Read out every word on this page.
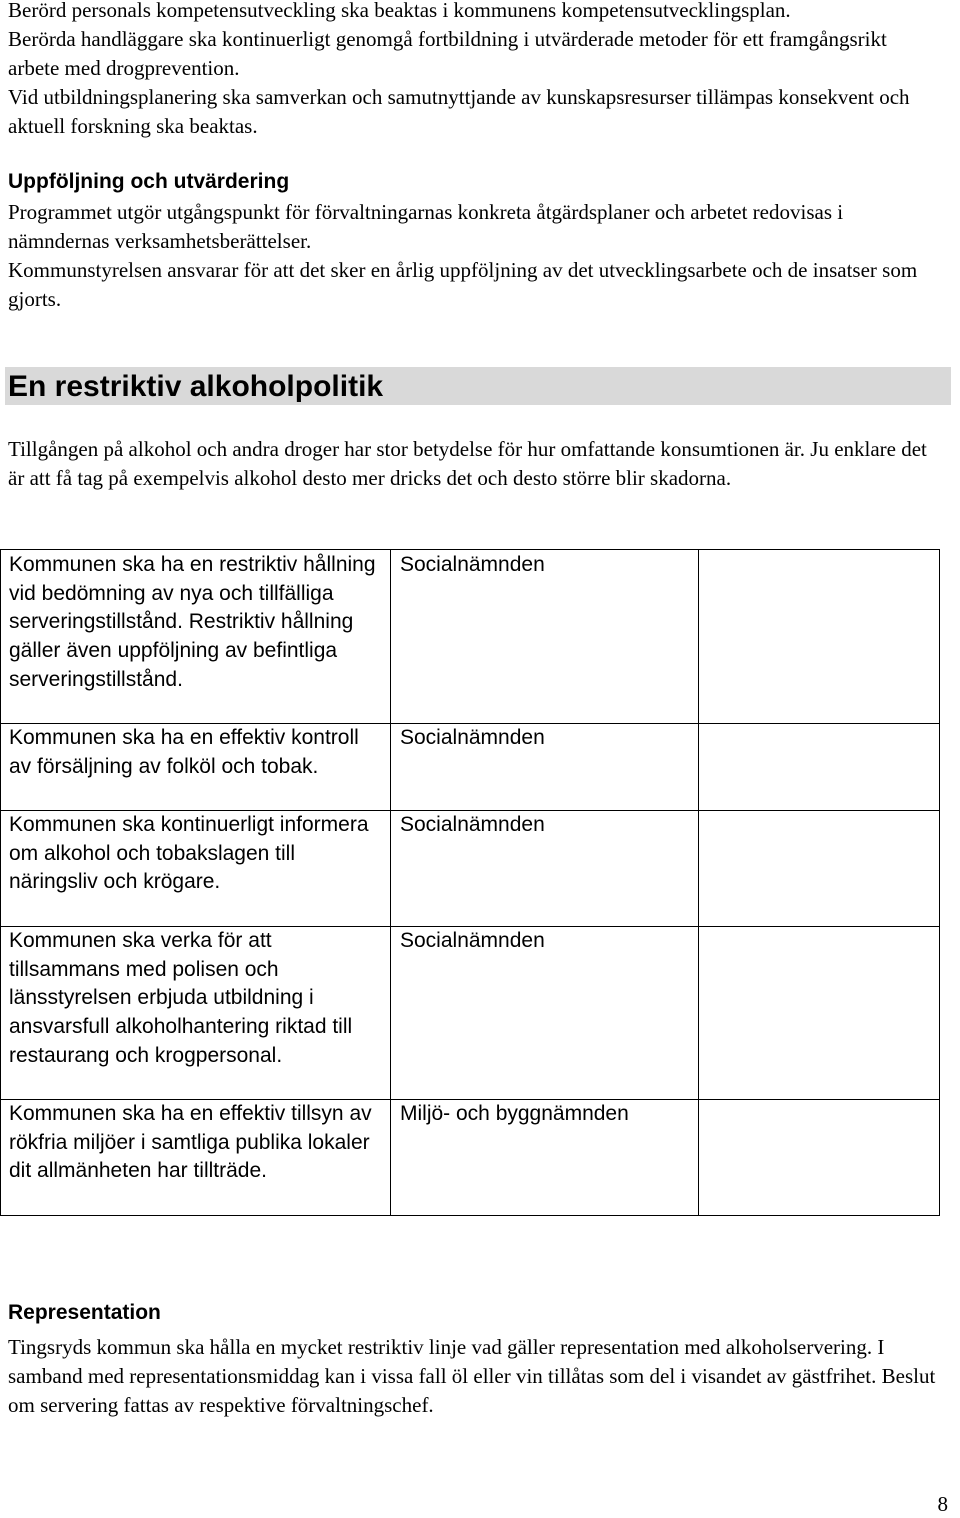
Berörd personals kompetensutveckling ska beaktas i kommunens kompetensutvecklingsplan.

Berörda handläggare ska kontinuerligt genomgå fortbildning i utvärderade metoder för ett framgångsrikt arbete med drogprevention.

Vid utbildningsplanering ska samverkan och samutnyttjande av kunskapsresurser tillämpas konsekvent och aktuell forskning ska beaktas.

Uppföljning och utvärdering

Programmet utgör utgångspunkt för förvaltningarnas konkreta åtgärdsplaner och arbetet redovisas i nämndernas verksamhetsberättelser.

Kommunstyrelsen ansvarar för att det sker en årlig uppföljning av det utvecklingsarbete och de insatser som gjorts.

En restriktiv alkoholpolitik

Tillgången på alkohol och andra droger har stor betydelse för hur omfattande konsumtionen är. Ju enklare det är att få tag på exempelvis alkohol desto mer dricks det och desto större blir skadorna.

Kommunen ska ha en restriktiv hållning vid bedömning av nya och tillfälliga serveringstillstånd. Restriktiv hållning gäller även uppföljning av befintliga serveringstillstånd.	Socialnämnden	
Kommunen ska ha en effektiv kontroll av försäljning av folköl och tobak.	Socialnämnden	
Kommunen ska kontinuerligt informera om alkohol och tobakslagen till näringsliv och krögare.	Socialnämnden	
Kommunen ska verka för att tillsammans med polisen och länsstyrelsen erbjuda utbildning i ansvarsfull alkoholhantering riktad till restaurang och krogpersonal.	Socialnämnden	
Kommunen ska ha en effektiv tillsyn av rökfria miljöer i samtliga publika lokaler dit allmänheten har tillträde.	Miljö- och byggnämnden	
Representation

Tingsryds kommun ska hålla en mycket restriktiv linje vad gäller representation med alkoholservering. I samband med representationsmiddag kan i vissa fall öl eller vin tillåtas som del i visandet av gästfrihet. Beslut om servering fattas av respektive förvaltningschef.

8
